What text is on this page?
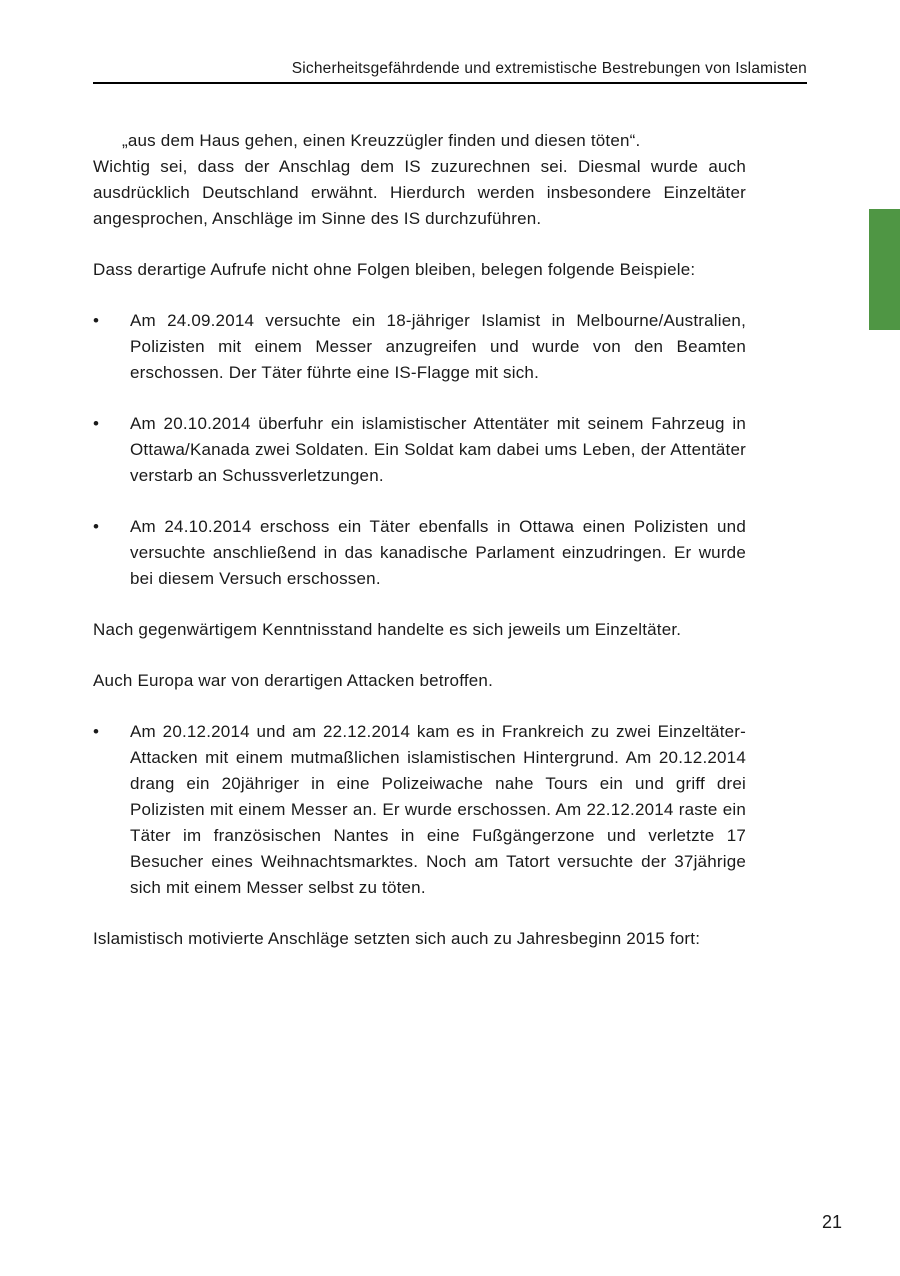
Sicherheitsgefährdende und extremistische Bestrebungen von Islamisten

„aus dem Haus gehen, einen Kreuzzügler finden und diesen töten“.

Wichtig sei, dass der Anschlag dem IS zuzurechnen sei. Diesmal wurde auch ausdrücklich Deutschland erwähnt. Hierdurch werden insbesondere Einzeltäter angesprochen, Anschläge im Sinne des IS durchzuführen.

Dass derartige Aufrufe nicht ohne Folgen bleiben, belegen folgende Beispiele:

•	Am 24.09.2014 versuchte ein 18-jähriger Islamist in Melbourne/Australien, Polizisten mit einem Messer anzugreifen und wurde von den Beamten erschossen. Der Täter führte eine IS-Flagge mit sich.
•	Am 20.10.2014 überfuhr ein islamistischer Attentäter mit seinem Fahrzeug in Ottawa/Kanada zwei Soldaten. Ein Soldat kam dabei ums Leben, der Attentäter verstarb an Schussverletzungen.
•	Am 24.10.2014 erschoss ein Täter ebenfalls in Ottawa einen Polizisten und versuchte anschließend in das kanadische Parlament einzudringen. Er wurde bei diesem Versuch erschossen.

Nach gegenwärtigem Kenntnisstand handelte es sich jeweils um Einzeltäter.

Auch Europa war von derartigen Attacken betroffen.

•	Am 20.12.2014 und am 22.12.2014 kam es in Frankreich zu zwei Einzeltäter-Attacken mit einem mutmaßlichen islamistischen Hintergrund. Am 20.12.2014 drang ein 20jähriger in eine Polizeiwache nahe Tours ein und griff drei Polizisten mit einem Messer an. Er wurde erschossen. Am 22.12.2014 raste ein Täter im französischen Nantes in eine Fußgängerzone und verletzte 17 Besucher eines Weihnachtsmarktes. Noch am Tatort versuchte der 37jährige sich mit einem Messer selbst zu töten.

Islamistisch motivierte Anschläge setzten sich auch zu Jahresbeginn 2015 fort:

21
